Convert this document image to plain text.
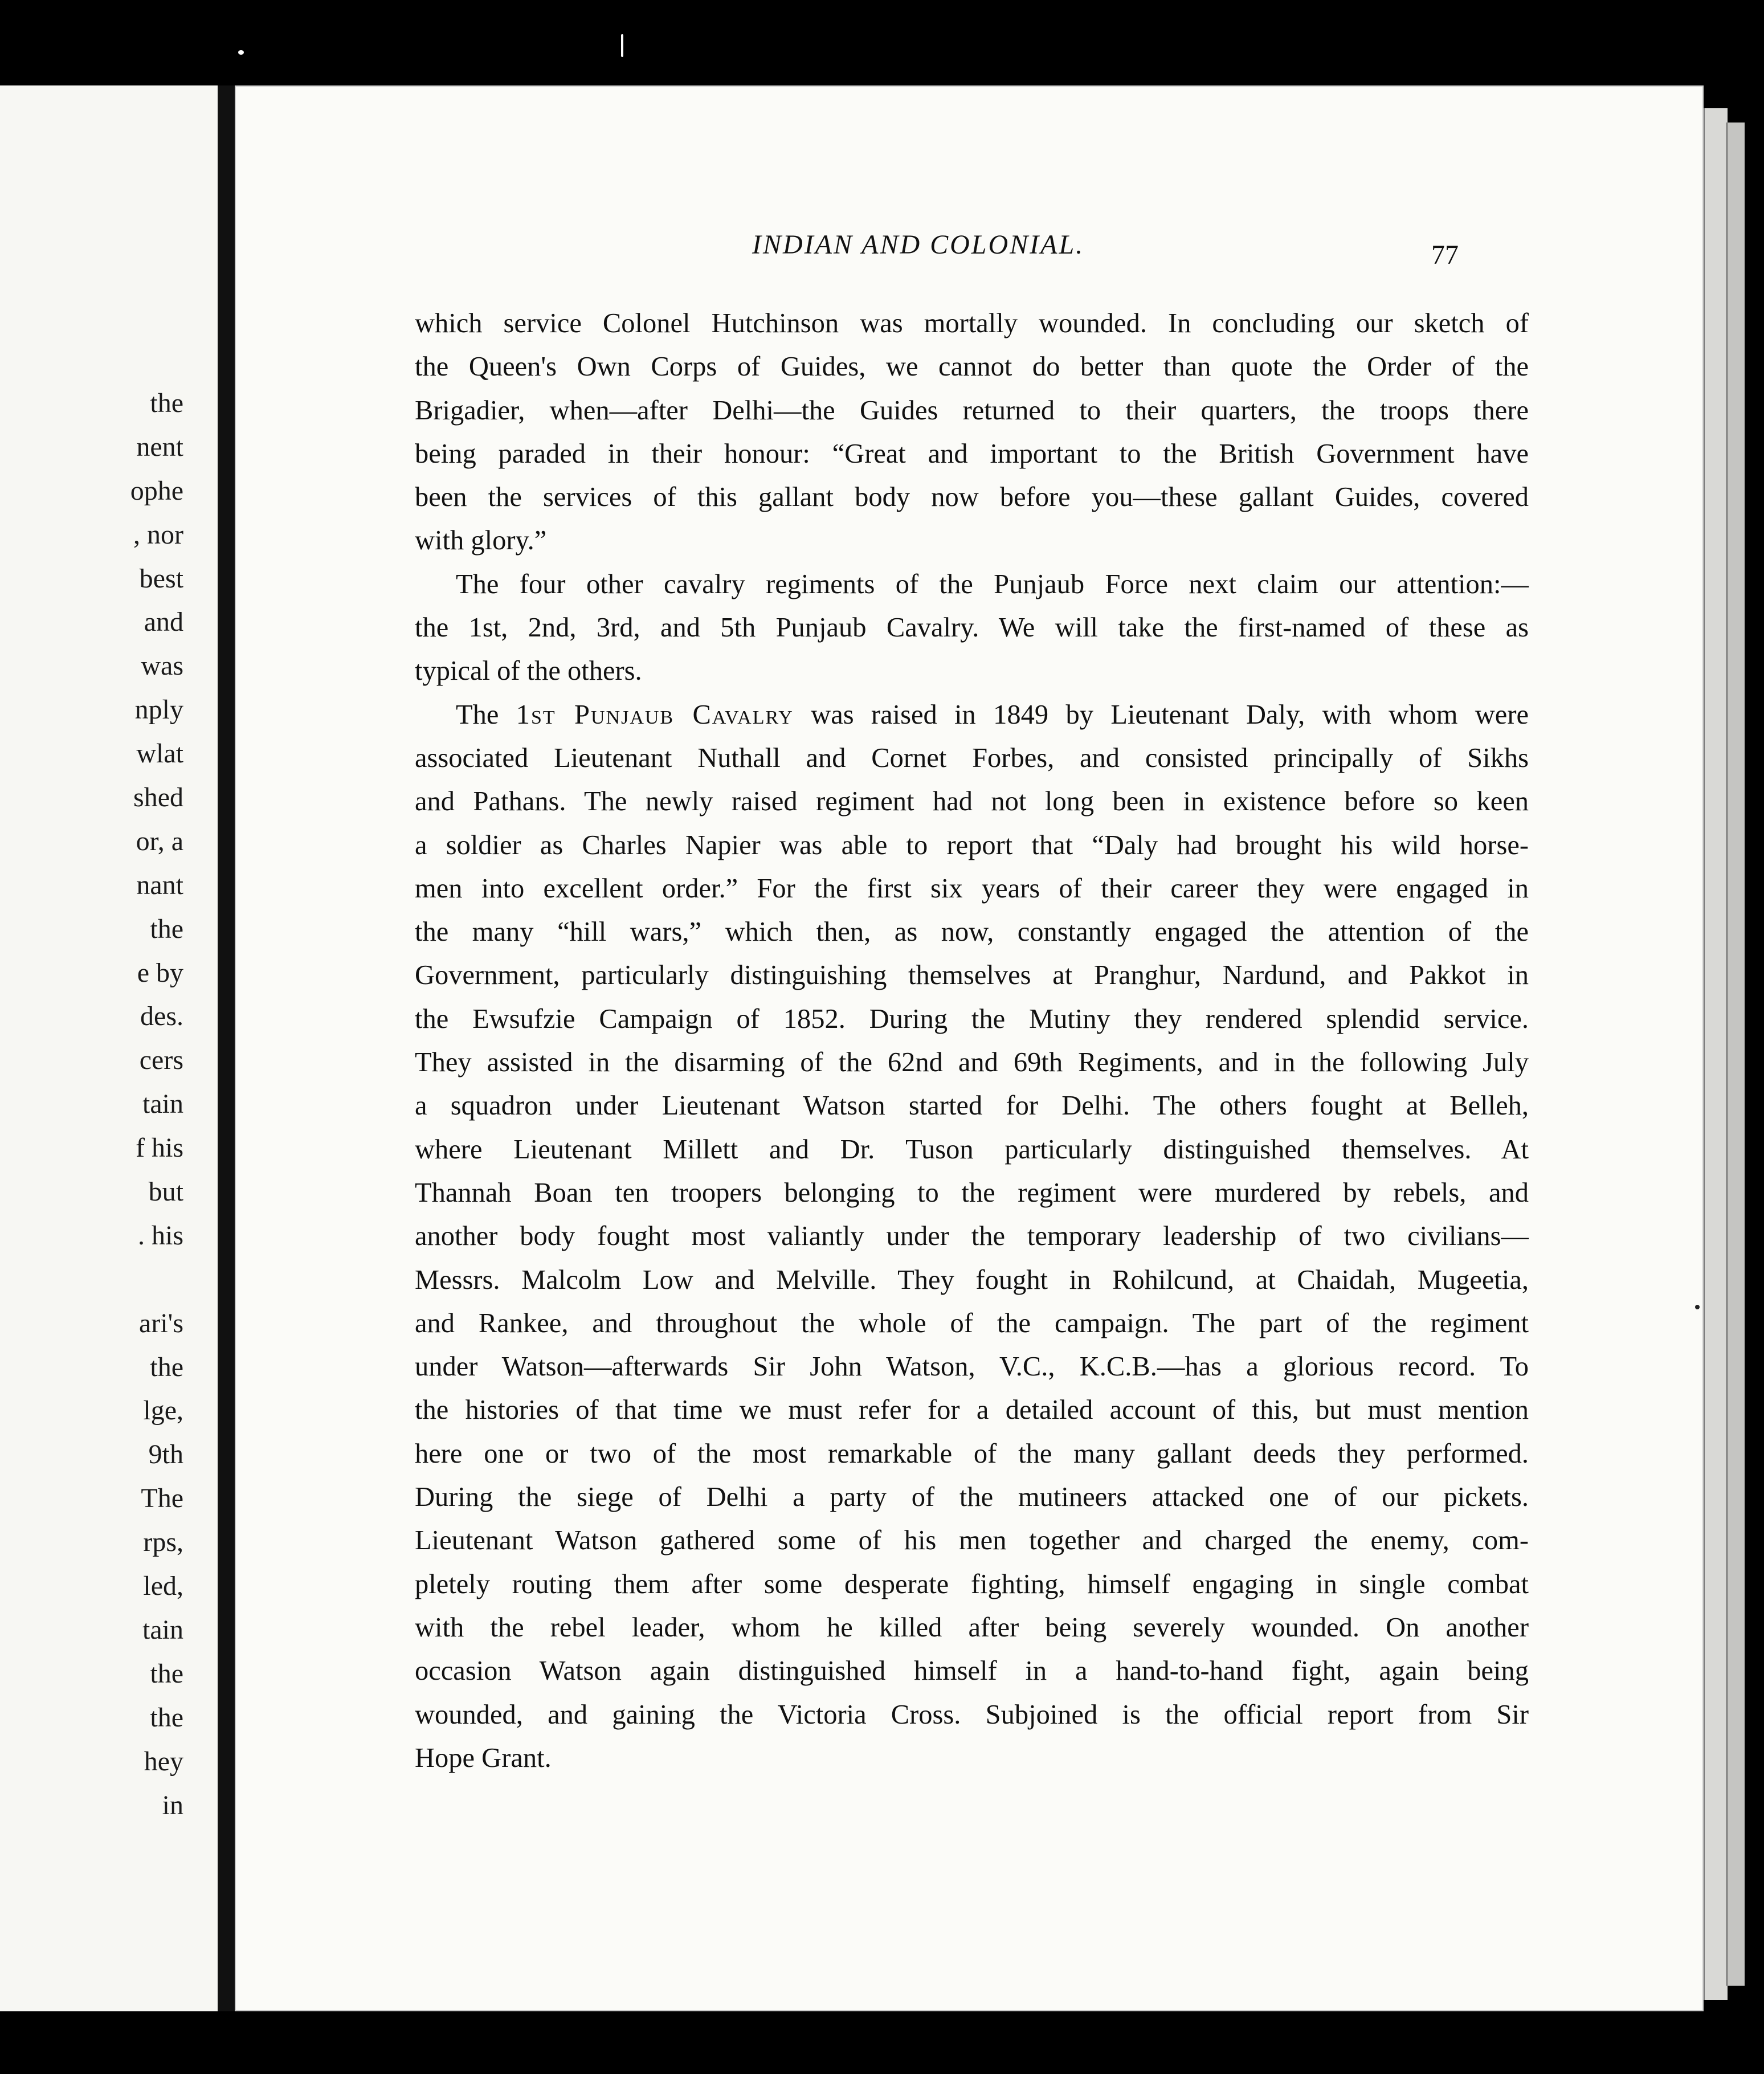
the
nent
ophe
, nor
best
and
was
nply
wlat
shed
or, a
nant
the
e by
des.
cers
tain
f his
but
. his
ari's
the
lge,
9th
The
rps,
led,
tain
the
the
hey
in
INDIAN AND COLONIAL.	77
which service Colonel Hutchinson was mortally wounded. In concluding our sketch of
the Queen's Own Corps of Guides, we cannot do better than quote the Order of the
Brigadier, when—after Delhi—the Guides returned to their quarters, the troops there
being paraded in their honour: “Great and important to the British Government have
been the services of this gallant body now before you—these gallant Guides, covered
with glory.”
The four other cavalry regiments of the Punjaub Force next claim our attention:—
the 1st, 2nd, 3rd, and 5th Punjaub Cavalry. We will take the first-named of these as
typical of the others.
The 1st Punjaub Cavalry was raised in 1849 by Lieutenant Daly, with whom were
associated Lieutenant Nuthall and Cornet Forbes, and consisted principally of Sikhs
and Pathans. The newly raised regiment had not long been in existence before so keen
a soldier as Charles Napier was able to report that “Daly had brought his wild horse-
men into excellent order.” For the first six years of their career they were engaged in
the many “hill wars,” which then, as now, constantly engaged the attention of the
Government, particularly distinguishing themselves at Pranghur, Nardund, and Pakkot in
the Ewsufzie Campaign of 1852. During the Mutiny they rendered splendid service.
They assisted in the disarming of the 62nd and 69th Regiments, and in the following July
a squadron under Lieutenant Watson started for Delhi. The others fought at Belleh,
where Lieutenant Millett and Dr. Tuson particularly distinguished themselves. At
Thannah Boan ten troopers belonging to the regiment were murdered by rebels, and
another body fought most valiantly under the temporary leadership of two civilians—
Messrs. Malcolm Low and Melville. They fought in Rohilcund, at Chaidah, Mugeetia,
and Rankee, and throughout the whole of the campaign. The part of the regiment
under Watson—afterwards Sir John Watson, V.C., K.C.B.—has a glorious record. To
the histories of that time we must refer for a detailed account of this, but must mention
here one or two of the most remarkable of the many gallant deeds they performed.
During the siege of Delhi a party of the mutineers attacked one of our pickets.
Lieutenant Watson gathered some of his men together and charged the enemy, com-
pletely routing them after some desperate fighting, himself engaging in single combat
with the rebel leader, whom he killed after being severely wounded. On another
occasion Watson again distinguished himself in a hand-to-hand fight, again being
wounded, and gaining the Victoria Cross. Subjoined is the official report from Sir
Hope Grant.
